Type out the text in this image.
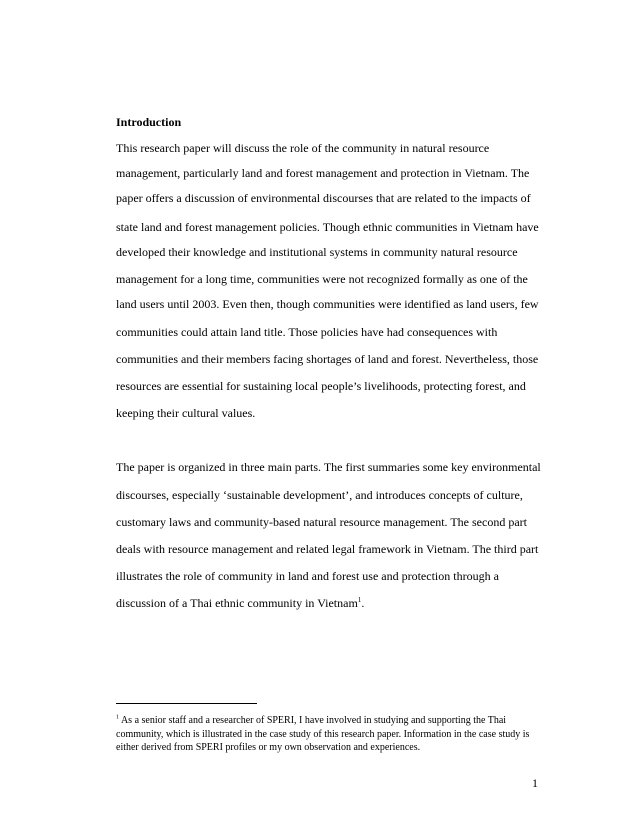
Introduction
This research paper will discuss the role of the community in natural resource
management, particularly land and forest management and protection in Vietnam. The
paper offers a discussion of environmental discourses that are related to the impacts of
state land and forest management policies. Though ethnic communities in Vietnam have
developed their knowledge and institutional systems in community natural resource
management for a long time, communities were not recognized formally as one of the
land users until 2003. Even then, though communities were identified as land users, few
communities could attain land title. Those policies have had consequences with
communities and their members facing shortages of land and forest. Nevertheless, those
resources are essential for sustaining local people’s livelihoods, protecting forest, and
keeping their cultural values.
The paper is organized in three main parts. The first summaries some key environmental
discourses, especially ‘sustainable development’, and introduces concepts of culture,
customary laws and community-based natural resource management. The second part
deals with resource management and related legal framework in Vietnam. The third part
illustrates the role of community in land and forest use and protection through a
discussion of a Thai ethnic community in Vietnam$^1$.
$^1$ As a senior staff and a researcher of SPERI, I have involved in studying and supporting the Thai
community, which is illustrated in the case study of this research paper. Information in the case study is
either derived from SPERI profiles or my own observation and experiences.
1
